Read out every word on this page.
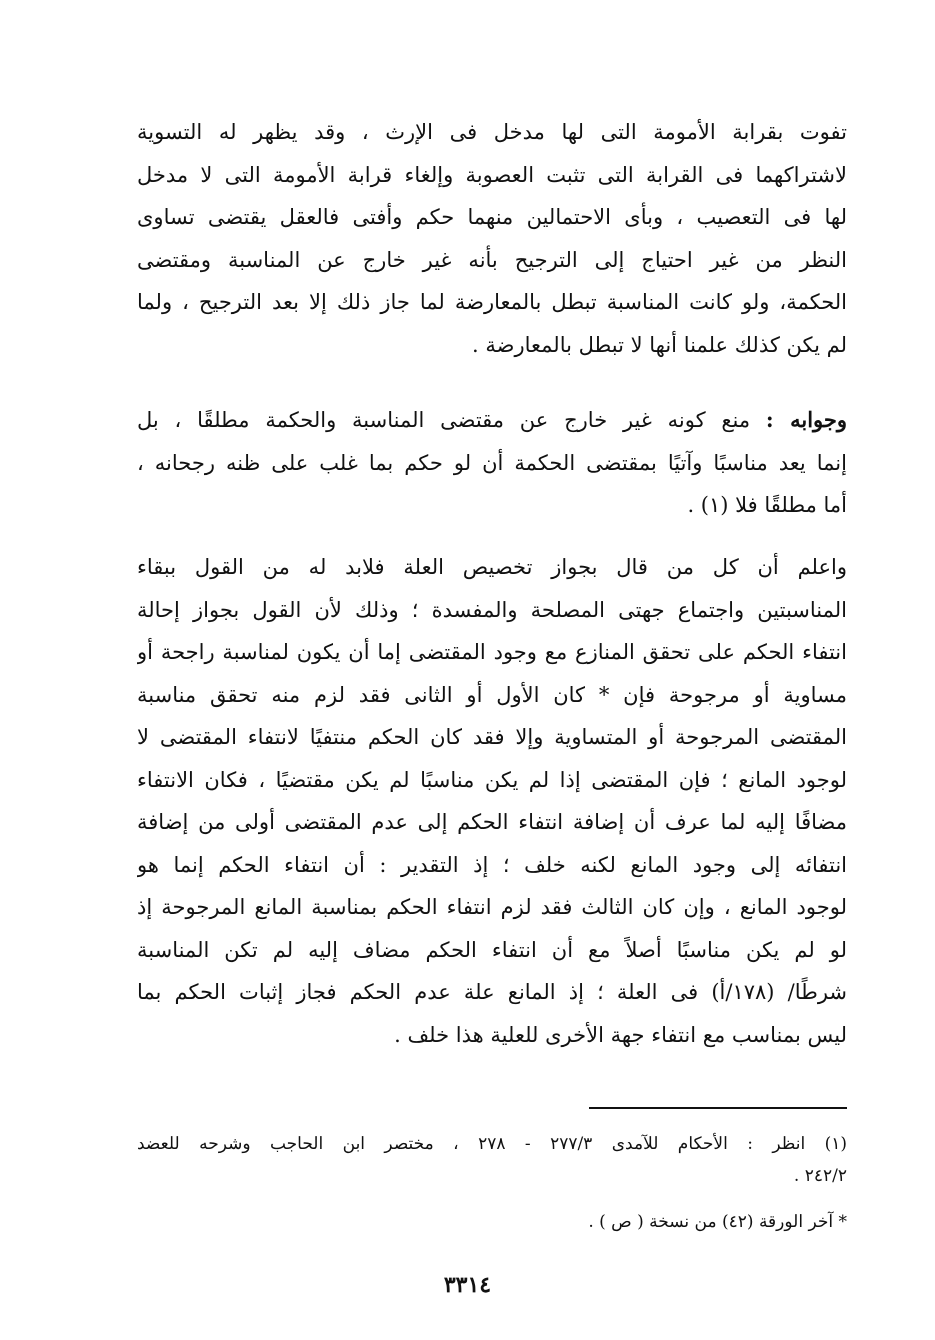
تفوت بقرابة الأمومة التى لها مدخل فى الإرث ، وقد يظهر له التسوية
لاشتراكهما فى القرابة التى تثبت العصوبة وإلغاء قرابة الأمومة التى لا مدخل
لها فى التعصيب ، وبأى الاحتمالين منهما حكم وأفتى فالعقل يقتضى تساوى
النظر من غير احتياج إلى الترجيح بأنه غير خارج عن المناسبة ومقتضى
الحكمة، ولو كانت المناسبة تبطل بالمعارضة لما جاز ذلك إلا بعد الترجيح ، ولما
لم يكن كذلك علمنا أنها لا تبطل بالمعارضة .
وجوابه : منع كونه غير خارج عن مقتضى المناسبة والحكمة مطلقًا ، بل
إنما يعد مناسبًا وآتيًا بمقتضى الحكمة أن لو حكم بما غلب على ظنه رجحانه ،
أما مطلقًا فلا (١) .
واعلم أن كل من قال بجواز تخصيص العلة فلابد له من القول ببقاء
المناسبتين واجتماع جهتى المصلحة والمفسدة ؛ وذلك لأن القول بجواز إحالة
انتفاء الحكم على تحقق المنازع مع وجود المقتضى إما أن يكون لمناسبة راجحة أو
مساوية أو مرجوحة فإن * كان الأول أو الثانى فقد لزم منه تحقق مناسبة
المقتضى المرجوحة أو المتساوية وإلا فقد كان الحكم منتفيًا لانتفاء المقتضى لا
لوجود المانع ؛ فإن المقتضى إذا لم يكن مناسبًا لم يكن مقتضيًا ، فكان الانتفاء
مضافًا إليه لما عرف أن إضافة انتفاء الحكم إلى عدم المقتضى أولى من إضافة
انتفائه إلى وجود المانع لكنه خلف ؛ إذ التقدير : أن انتفاء الحكم إنما هو
لوجود المانع ، وإن كان الثالث فقد لزم انتفاء الحكم بمناسبة المانع المرجوحة إذ
لو لم يكن مناسبًا أصلاً مع أن انتفاء الحكم مضاف إليه لم تكن المناسبة
شرطًا/ (١٧٨/أ) فى العلة ؛ إذ المانع علة عدم الحكم فجاز إثبات الحكم بما
ليس بمناسب مع انتفاء جهة الأخرى للعلية هذا خلف .
(١) انظر : الأحكام للآمدى ٢٧٧/٣ - ٢٧٨ ، مختصر ابن الحاجب وشرحه للعضد
٢٤٢/٢ .
* آخر الورقة (٤٢) من نسخة ( ص ) .
٣٣١٤
